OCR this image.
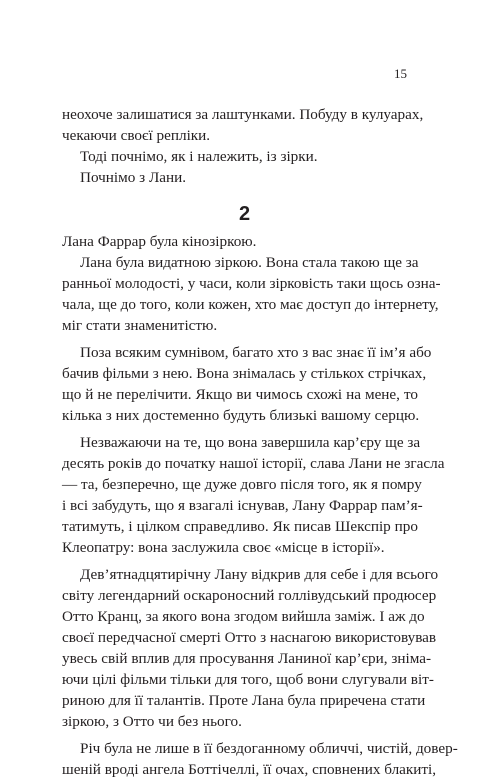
15
неохоче залишатися за лаштунками. Побуду в кулуарах,
чекаючи своєї репліки.
Тоді почнімо, як і належить, із зірки.
Почнімо з Лани.
2
Лана Фаррар була кінозіркою.
Лана була видатною зіркою. Вона стала такою ще за
ранньої молодості, у часи, коли зірковість таки щось озна-
чала, ще до того, коли кожен, хто має доступ до інтернету,
міг стати знаменитістю.
Поза всяким сумнівом, багато хто з вас знає її ім’я або
бачив фільми з нею. Вона знімалась у стількох стрічках,
що й не перелічити. Якщо ви чимось схожі на мене, то
кілька з них достеменно будуть близькі вашому серцю.
Незважаючи на те, що вона завершила кар’єру ще за
десять років до початку нашої історії, слава Лани не згасла
— та, безперечно, ще дуже довго після того, як я помру
і всі забудуть, що я взагалі існував, Лану Фаррар пам’я-
татимуть, і цілком справедливо. Як писав Шекспір про
Клеопатру: вона заслужила своє «місце в історії».
Дев’ятнадцятирічну Лану відкрив для себе і для всього
світу легендарний оскароносний голлівудський продюсер
Отто Кранц, за якого вона згодом вийшла заміж. І аж до
своєї передчасної смерті Отто з наснагою використовував
увесь свій вплив для просування Ланиної кар’єри, зніма-
ючи цілі фільми тільки для того, щоб вони слугували віт-
риною для її талантів. Проте Лана була приречена стати
зіркою, з Отто чи без нього.
Річ була не лише в її бездоганному обличчі, чистій, довер-
шеній вроді ангела Боттічеллі, її очах, сповнених блакиті,
